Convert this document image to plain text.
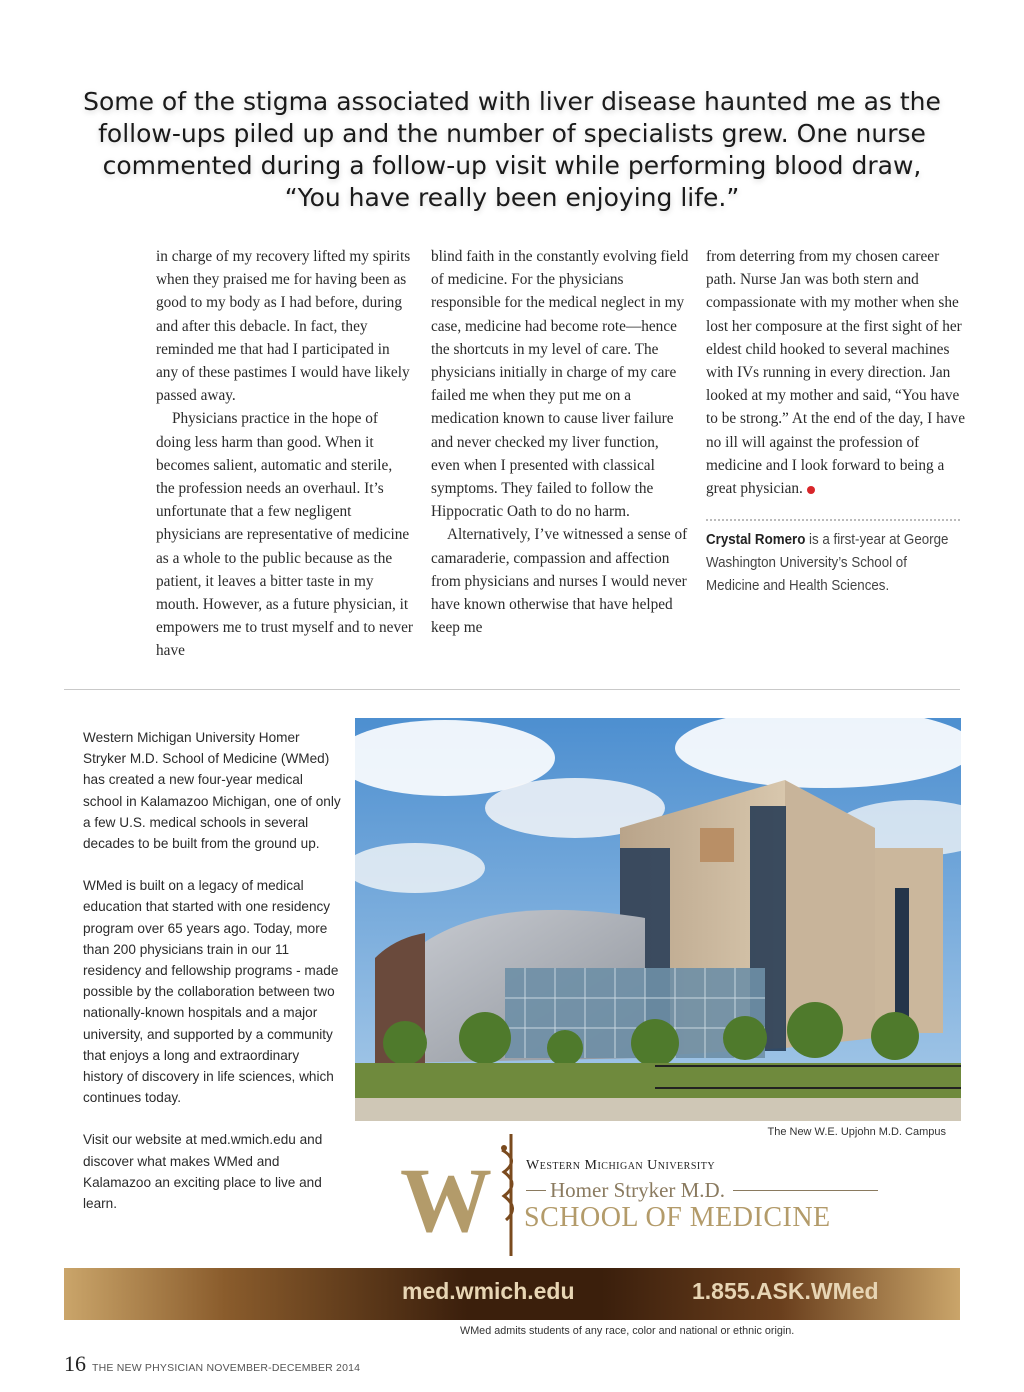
Some of the stigma associated with liver disease haunted me as the
follow-ups piled up and the number of specialists grew. One nurse
commented during a follow-up visit while performing blood draw,
“You have really been enjoying life.”

in charge of my recovery lifted my spirits when they praised me for having been as good to my body as I had before, during and after this debacle. In fact, they reminded me that had I participated in any of these pastimes I would have likely passed away.

Physicians practice in the hope of doing less harm than good. When it becomes salient, automatic and sterile, the profession needs an overhaul. It’s unfortunate that a few negligent physicians are representative of medicine as a whole to the public because as the patient, it leaves a bitter taste in my mouth. However, as a future physician, it empowers me to trust myself and to never have

blind faith in the constantly evolving field of medicine. For the physicians responsible for the medical neglect in my case, medicine had become rote—hence the shortcuts in my level of care. The physicians initially in charge of my care failed me when they put me on a medication known to cause liver failure and never checked my liver function, even when I presented with classical symptoms. They failed to follow the Hippocratic Oath to do no harm.

Alternatively, I’ve witnessed a sense of camaraderie, compassion and affection from physicians and nurses I would never have known otherwise that have helped keep me

from deterring from my chosen career path. Nurse Jan was both stern and compassionate with my mother when she lost her composure at the first sight of her eldest child hooked to several machines with IVs running in every direction. Jan looked at my mother and said, “You have to be strong.” At the end of the day, I have no ill will against the profession of medicine and I look forward to being a great physician.

Crystal Romero is a first-year at George Washington University’s School of Medicine and Health Sciences.

Western Michigan University Homer Stryker M.D. School of Medicine (WMed) has created a new four-year medical school in Kalamazoo Michigan, one of only a few U.S. medical schools in several decades to be built from the ground up.

WMed is built on a legacy of medical education that started with one residency program over 65 years ago. Today, more than 200 physicians train in our 11 residency and fellowship programs - made possible by the collaboration between two nationally-known hospitals and a major university, and supported by a community that enjoys a long and extraordinary history of discovery in life sciences, which continues today.

Visit our website at med.wmich.edu and discover what makes WMed and Kalamazoo an exciting place to live and learn.

The New W.E. Upjohn M.D. Campus
W	Western Michigan University
Homer Stryker M.D.
SCHOOL OF MEDICINE
med.wmich.edu	1.855.ASK.WMed
WMed admits students of any race, color and national or ethnic origin.
16 THE NEW PHYSICIAN NOVEMBER-DECEMBER 2014
